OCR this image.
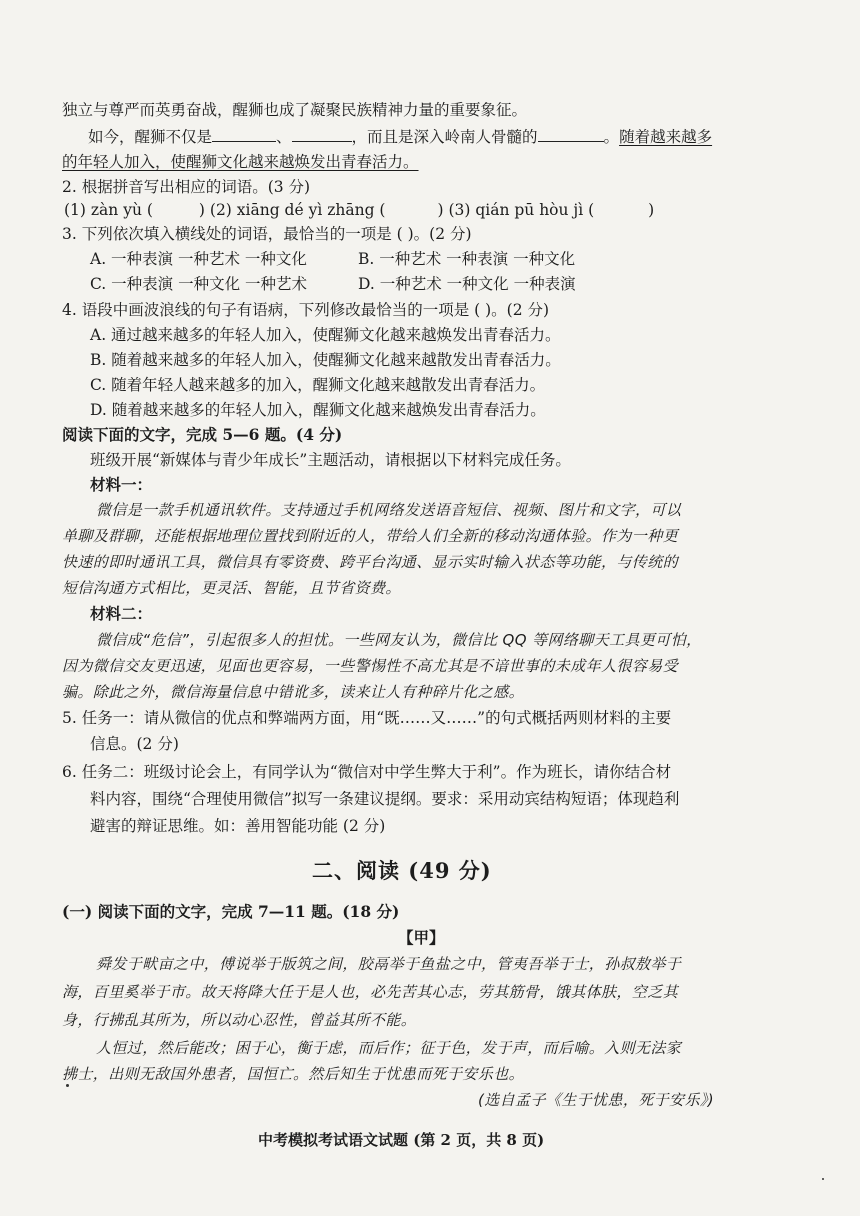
独立与尊严而英勇奋战，醒狮也成了凝聚民族精神力量的重要象征。
如今，醒狮不仅是	、	，而且是深入岭南人骨髓的	。随着越来越多
的年轻人加入，使醒狮文化越来越焕发出青春活力。
2. 根据拼音写出相应的词语。(3 分)
(1) zàn yù (	) (2) xiāng dé yì zhāng (	) (3) qián pū hòu jì (	)
3. 下列依次填入横线处的词语，最恰当的一项是 ( )。(2 分)
A. 一种表演 一种艺术 一种文化	B. 一种艺术 一种表演 一种文化
C. 一种表演 一种文化 一种艺术	D. 一种艺术 一种文化 一种表演
4. 语段中画波浪线的句子有语病，下列修改最恰当的一项是 ( )。(2 分)
A. 通过越来越多的年轻人加入，使醒狮文化越来越焕发出青春活力。
B. 随着越来越多的年轻人加入，使醒狮文化越来越散发出青春活力。
C. 随着年轻人越来越多的加入，醒狮文化越来越散发出青春活力。
D. 随着越来越多的年轻人加入，醒狮文化越来越焕发出青春活力。
阅读下面的文字，完成 5—6 题。(4 分)
班级开展“新媒体与青少年成长”主题活动，请根据以下材料完成任务。
材料一：
微信是一款手机通讯软件。支持通过手机网络发送语音短信、视频、图片和文字，可以
单聊及群聊，还能根据地理位置找到附近的人，带给人们全新的移动沟通体验。作为一种更
快速的即时通讯工具，微信具有零资费、跨平台沟通、显示实时输入状态等功能，与传统的
短信沟通方式相比，更灵活、智能，且节省资费。
材料二：
微信成“危信”，引起很多人的担忧。一些网友认为，微信比 QQ 等网络聊天工具更可怕，
因为微信交友更迅速，见面也更容易，一些警惕性不高尤其是不谙世事的未成年人很容易受
骗。除此之外，微信海量信息中错讹多，读来让人有种碎片化之感。
5. 任务一：请从微信的优点和弊端两方面，用“既……又……”的句式概括两则材料的主要
信息。(2 分)
6. 任务二：班级讨论会上，有同学认为“微信对中学生弊大于利”。作为班长，请你结合材
料内容，围绕“合理使用微信”拟写一条建议提纲。要求：采用动宾结构短语；体现趋利
避害的辩证思维。如：善用智能功能 (2 分)
二、阅读 (49 分)
(一) 阅读下面的文字，完成 7—11 题。(18 分)
【甲】
舜发于畎亩之中，傅说举于版筑之间，胶鬲举于鱼盐之中，管夷吾举于士，孙叔敖举于
海，百里奚举于市。故天将降大任于是人也，必先苦其心志，劳其筋骨，饿其体肤，空乏其
身，行拂乱其所为，所以动心忍性，曾益其所不能。
人恒过，然后能改；困于心，衡于虑，而后作；征于色，发于声，而后喻。入则无法家
拂士，出则无敌国外患者，国恒亡。然后知生于忧患而死于安乐也。
(选自孟子《生于忧患，死于安乐》)
中考模拟考试语文试题 (第 2 页，共 8 页)
